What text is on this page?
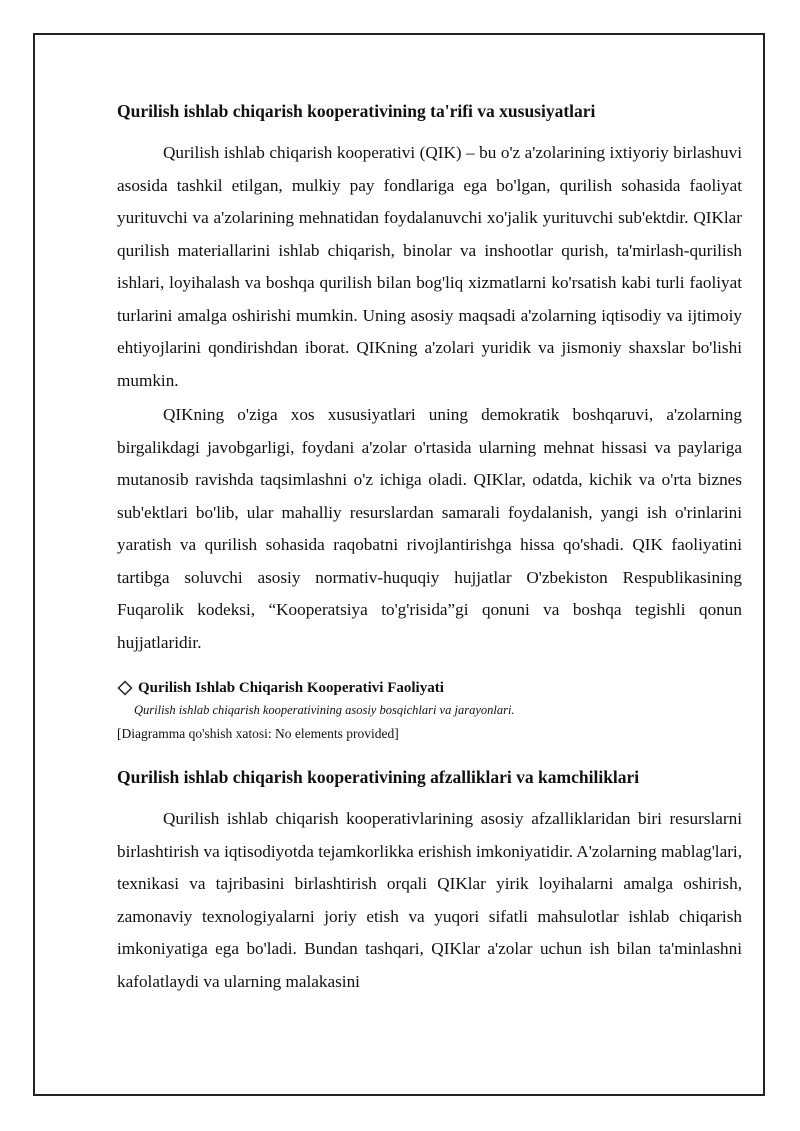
Qurilish ishlab chiqarish kooperativining ta'rifi va xususiyatlari

Qurilish ishlab chiqarish kooperativi (QIK) – bu o'z a'zolarining ixtiyoriy birlashuvi asosida tashkil etilgan, mulkiy pay fondlariga ega bo'lgan, qurilish sohasida faoliyat yurituvchi va a'zolarining mehnatidan foydalanuvchi xo'jalik yurituvchi sub'ektdir. QIKlar qurilish materiallarini ishlab chiqarish, binolar va inshootlar qurish, ta'mirlash-qurilish ishlari, loyihalash va boshqa qurilish bilan bog'liq xizmatlarni ko'rsatish kabi turli faoliyat turlarini amalga oshirishi mumkin. Uning asosiy maqsadi a'zolarning iqtisodiy va ijtimoiy ehtiyojlarini qondirishdan iborat. QIKning a'zolari yuridik va jismoniy shaxslar bo'lishi mumkin.

QIKning o'ziga xos xususiyatlari uning demokratik boshqaruvi, a'zolarning birgalikdagi javobgarligi, foydani a'zolar o'rtasida ularning mehnat hissasi va paylariga mutanosib ravishda taqsimlashni o'z ichiga oladi. QIKlar, odatda, kichik va o'rta biznes sub'ektlari bo'lib, ular mahalliy resurslardan samarali foydalanish, yangi ish o'rinlarini yaratish va qurilish sohasida raqobatni rivojlantirishga hissa qo'shadi. QIK faoliyatini tartibga soluvchi asosiy normativ-huquqiy hujjatlar O'zbekiston Respublikasining Fuqarolik kodeksi, “Kooperatsiya to'g'risida”gi qonuni va boshqa tegishli qonun hujjatlaridir.

Qurilish Ishlab Chiqarish Kooperativi Faoliyati
Qurilish ishlab chiqarish kooperativining asosiy bosqichlari va jarayonlari.
[Diagramma qo'shish xatosi: No elements provided]
Qurilish ishlab chiqarish kooperativining afzalliklari va kamchiliklari

Qurilish ishlab chiqarish kooperativlarining asosiy afzalliklaridan biri resurslarni birlashtirish va iqtisodiyotda tejamkorlikka erishish imkoniyatidir. A'zolarning mablag'lari, texnikasi va tajribasini birlashtirish orqali QIKlar yirik loyihalarni amalga oshirish, zamonaviy texnologiyalarni joriy etish va yuqori sifatli mahsulotlar ishlab chiqarish imkoniyatiga ega bo'ladi. Bundan tashqari, QIKlar a'zolar uchun ish bilan ta'minlashni kafolatlaydi va ularning malakasini
